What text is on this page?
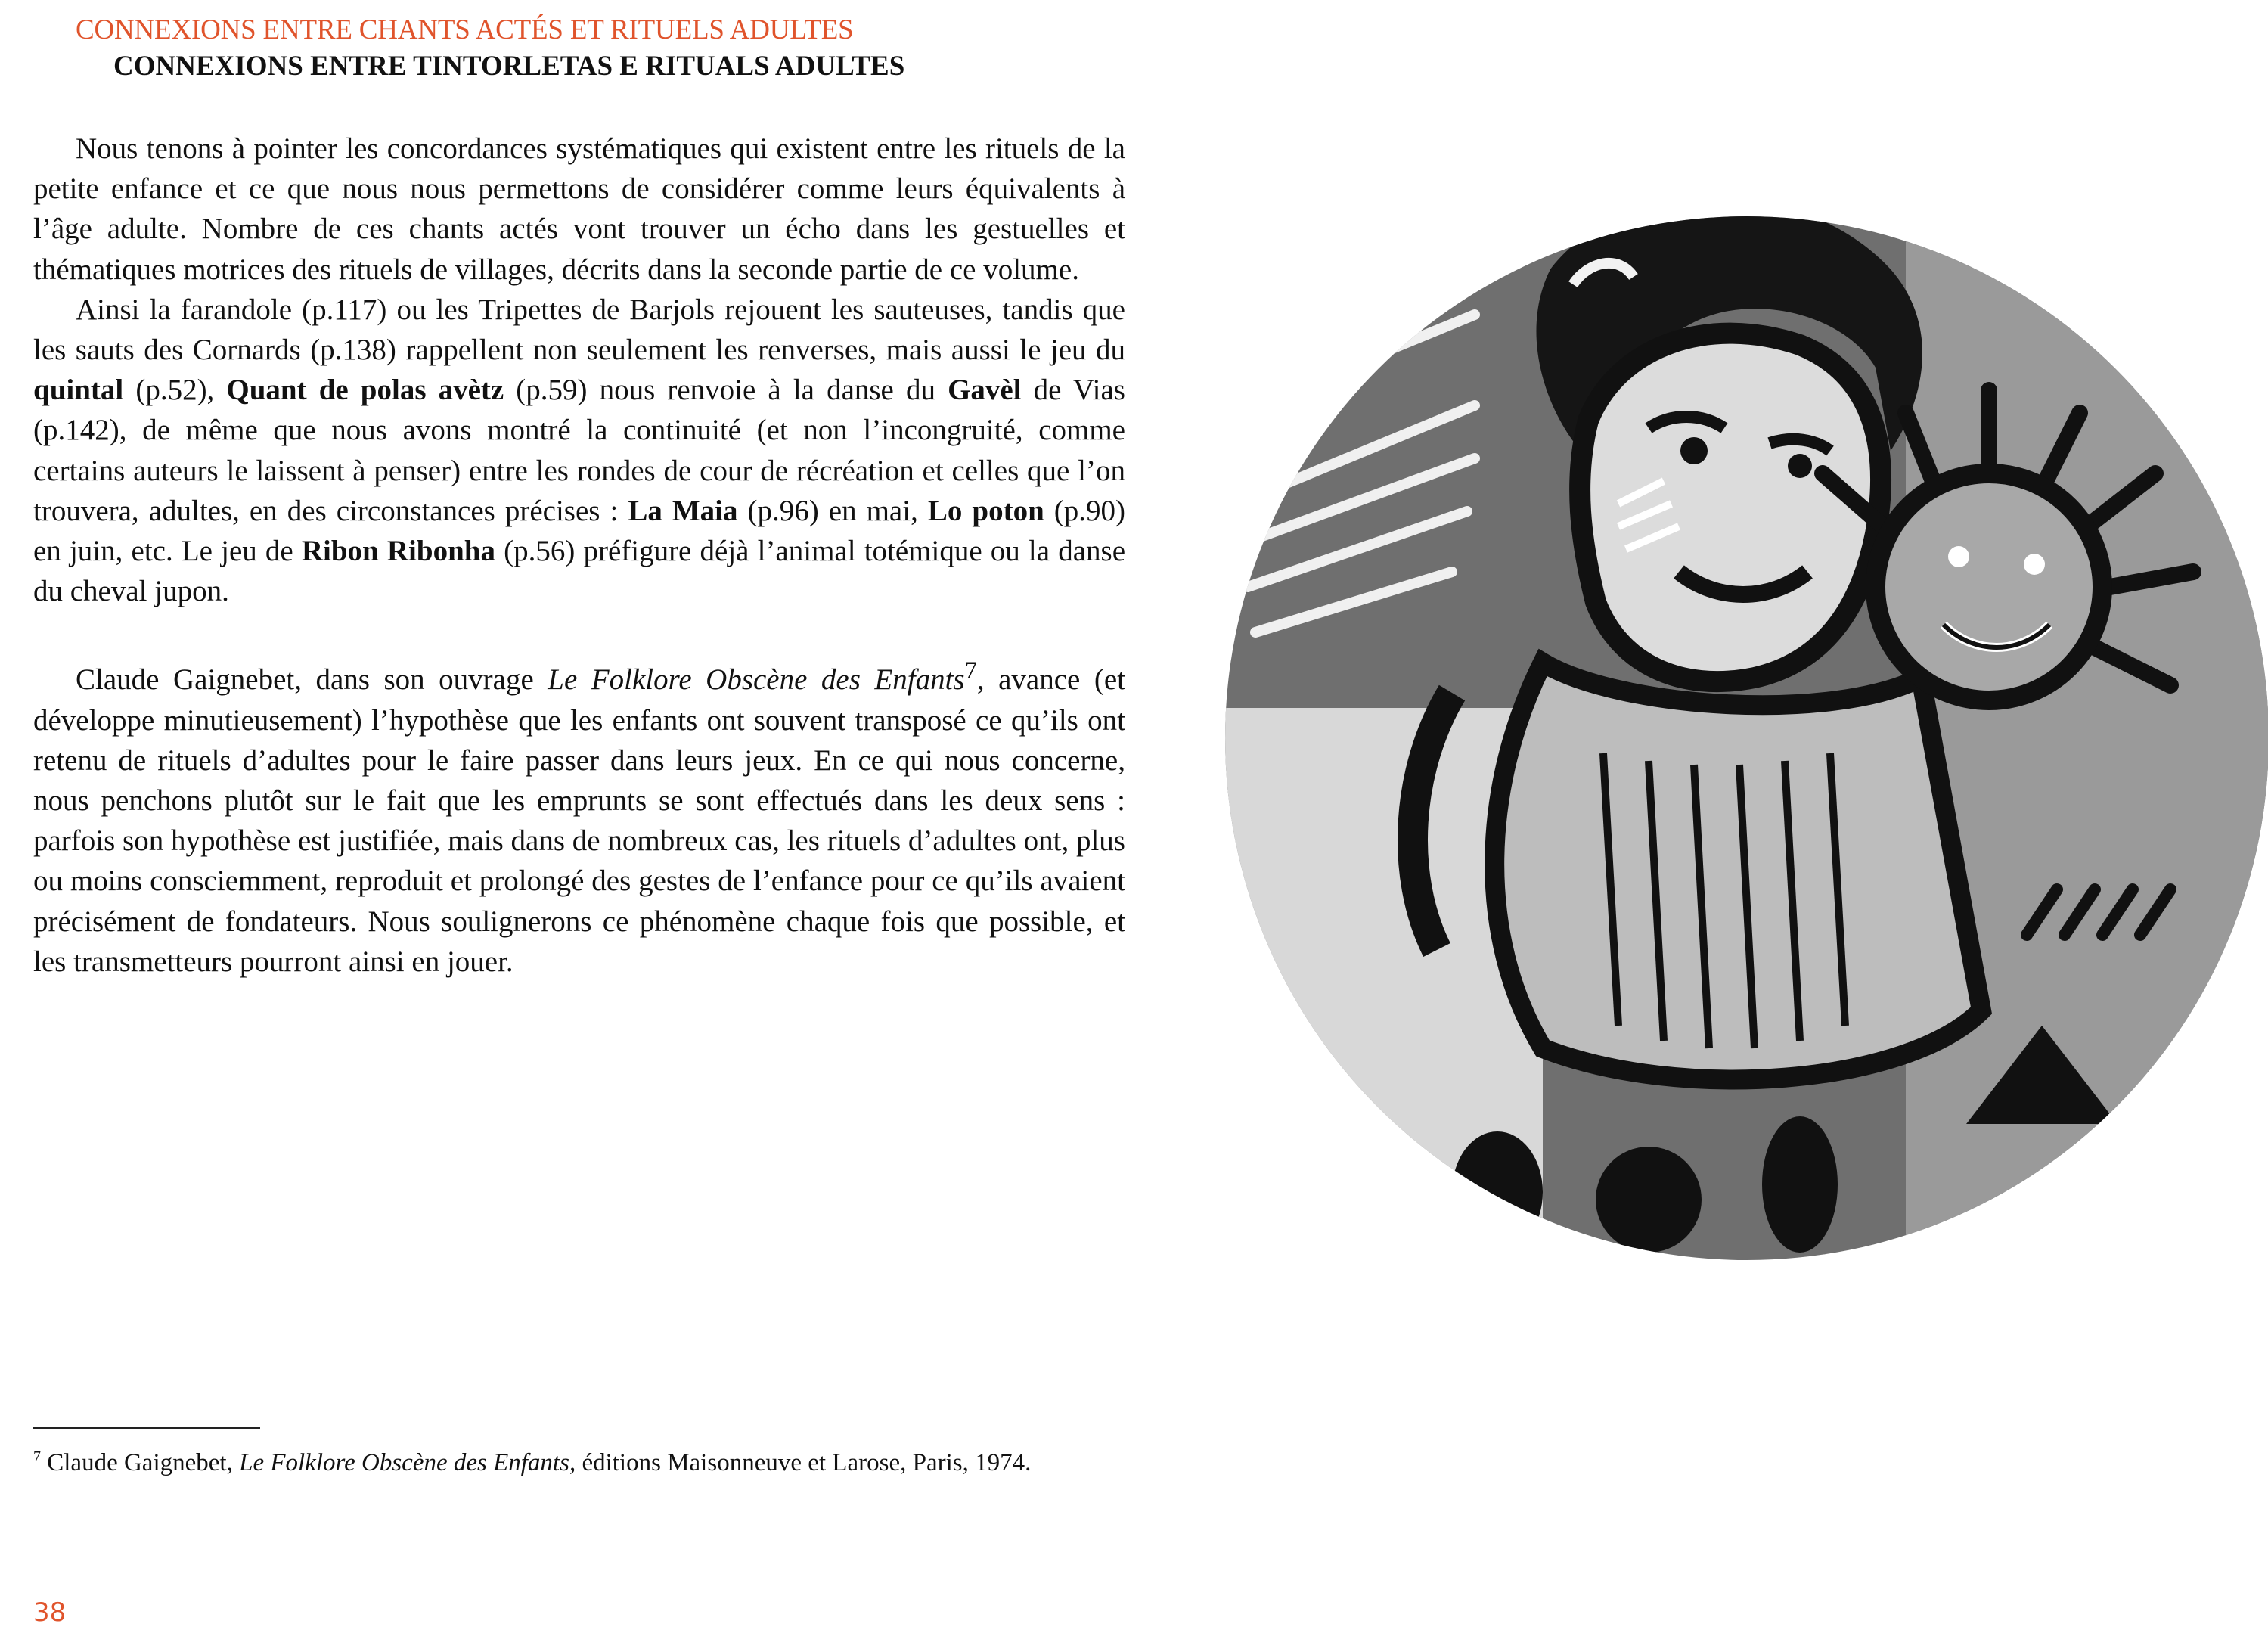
CONNEXIONS ENTRE CHANTS ACTÉS ET RITUELS ADULTES
CONNEXIONS ENTRE TINTORLETAS E RITUALS ADULTES

Nous tenons à pointer les concordances systématiques qui existent entre les rituels de la petite enfance et ce que nous nous permettons de considérer comme leurs équivalents à l’âge adulte. Nombre de ces chants actés vont trouver un écho dans les gestuelles et thématiques motrices des rituels de villages, décrits dans la seconde partie de ce volume.

Ainsi la farandole (p.117) ou les Tripettes de Barjols rejouent les sauteuses, tandis que les sauts des Cornards (p.138) rappellent non seulement les renverses, mais aussi le jeu du quintal (p.52), Quant de polas avètz (p.59) nous renvoie à la danse du Gavèl de Vias (p.142), de même que nous avons montré la continuité (et non l’incongruité, comme certains auteurs le laissent à penser) entre les rondes de cour de récréation et celles que l’on trouvera, adultes, en des circonstances précises : La Maia (p.96) en mai, Lo poton (p.90) en juin, etc. Le jeu de Ribon Ribonha (p.56) préfigure déjà l’animal totémique ou la danse du cheval jupon.

Claude Gaignebet, dans son ouvrage Le Folklore Obscène des Enfants$^7$, avance (et développe minutieusement) l’hypothèse que les enfants ont souvent transposé ce qu’ils ont retenu de rituels d’adultes pour le faire passer dans leurs jeux. En ce qui nous concerne, nous penchons plutôt sur le fait que les emprunts se sont effectués dans les deux sens : parfois son hypothèse est justifiée, mais dans de nombreux cas, les rituels d’adultes ont, plus ou moins consciemment, reproduit et prolongé des gestes de l’enfance pour ce qu’ils avaient précisément de fondateurs. Nous soulignerons ce phénomène chaque fois que possible, et les transmetteurs pourront ainsi en jouer.

$^7$ Claude Gaignebet, Le Folklore Obscène des Enfants, éditions Maisonneuve et Larose, Paris, 1974.
38
